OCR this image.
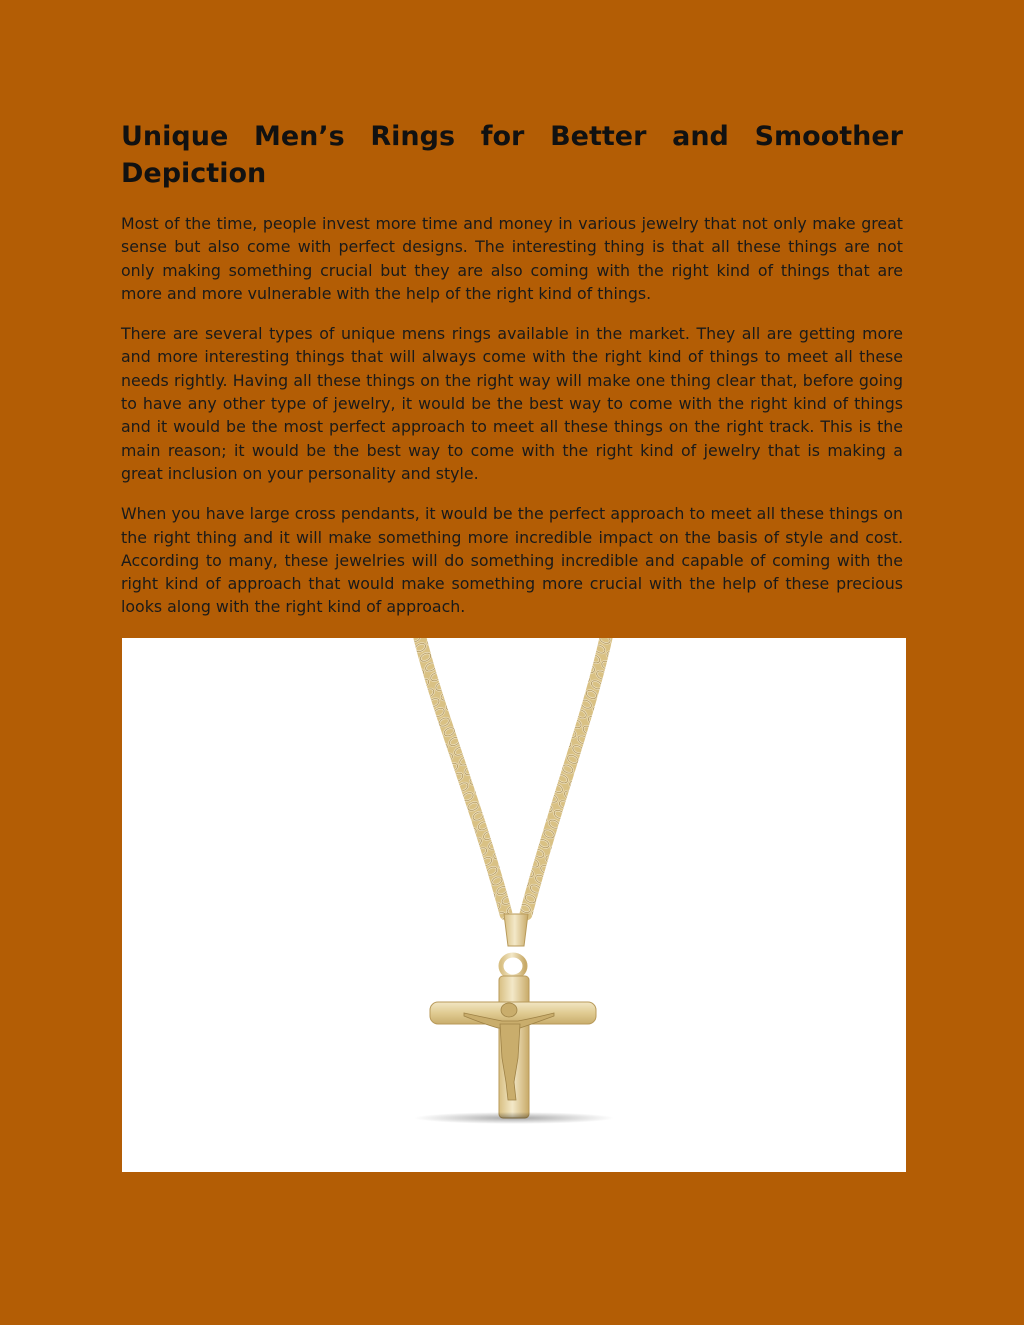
Unique Men’s Rings for Better and Smoother Depiction

Most of the time, people invest more time and money in various jewelry that not only make great sense but also come with perfect designs. The interesting thing is that all these things are not only making something crucial but they are also coming with the right kind of things that are more and more vulnerable with the help of the right kind of things.

There are several types of unique mens rings available in the market. They all are getting more and more interesting things that will always come with the right kind of things to meet all these needs rightly. Having all these things on the right way will make one thing clear that, before going to have any other type of jewelry, it would be the best way to come with the right kind of things and it would be the most perfect approach to meet all these things on the right track. This is the main reason; it would be the best way to come with the right kind of jewelry that is making a great inclusion on your personality and style.

When you have large cross pendants, it would be the perfect approach to meet all these things on the right thing and it will make something more incredible impact on the basis of style and cost. According to many, these jewelries will do something incredible and capable of coming with the right kind of approach that would make something more crucial with the help of these precious looks along with the right kind of approach.
